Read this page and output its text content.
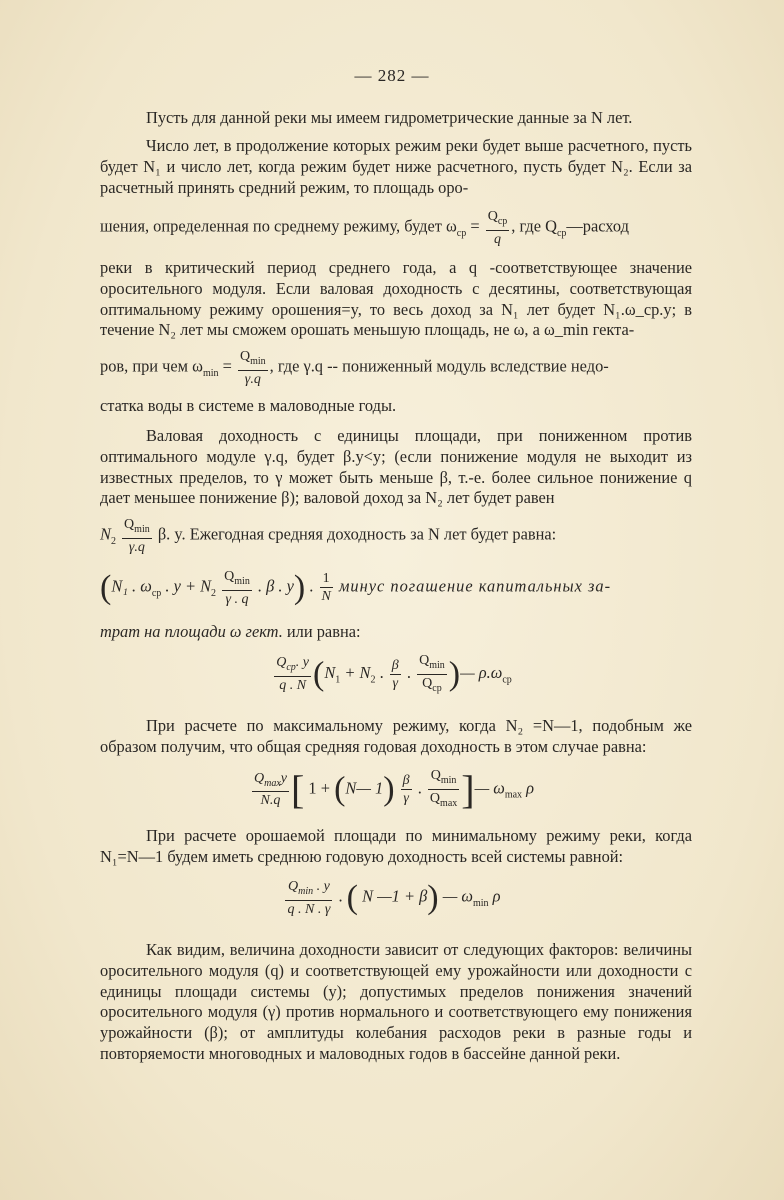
— 282 —

Пусть для данной реки мы имеем гидрометрические данные за N лет.

Число лет, в продолжение которых режим реки будет выше расчетного, пусть будет N₁ и число лет, когда режим будет ниже расчетного, пусть будет N₂. Если за расчетный принять средний режим, то площадь оро-

шения, определенная по среднему режиму, будет $\omega_{ср} = \frac{Q_{ср}}{q}$ , где $Q_{ср}—расход$

реки в критический период среднего года, а q -соответствующее значение оросительного модуля. Если валовая доходность с десятины, соответствующая оптимальному режиму орошения=y, то весь доход за N₁ лет будет N₁.ω_ср.y; в течение N₂ лет мы сможем орошать меньшую площадь, не ω, а ω_min гекта-

ров, при чем $\omega_{min} = \frac{Q_{min}}{\gamma.q}$ , где γ.q -- пониженный модуль вследствие недо-

статка воды в системе в маловодные годы.

Валовая доходность с единицы площади, при пониженном против оптимального модуле γ.q, будет β.y<y; (если понижение модуля не выходит из известных пределов, то γ может быть меньше β, т.-е. более сильное понижение q дает меньшее понижение β); валовой доход за N₂ лет будет равен

$N_2 \frac{Q_{min}}{\gamma.q} \beta$. y. Ежегодная средняя доходность за N лет будет равна:
(N₁ . $\omega_{ср}$ . $y + N_2 \frac{Q_{min}}{\gamma . q}$ . β . y) . $\frac{1}{N}$ минус погашение капитальных за-
трат на площади ω гект. или равна:
$\frac{Q_{ср}. y}{q . N} (N_1 + N_2$ . $\frac{\beta}{\gamma}$ . $\frac{Q_{min}}{Q_{ср}}$ )— $\rho.\omega_{ср}$

При расчете по максимальному режиму, когда N₂ =N—1, подобным же образом получим, что общая средняя годовая доходность в этом случае равна:

$\frac{Q_{max}y}{N.q}$ [ 1 + (N— $1) \frac{\beta}{\gamma}$ . $\frac{Q_{min}}{Q_{max}}$ ]— $\omega_{max}$ ρ

При расчете орошаемой площади по минимальному режиму реки, когда N₁=N—1 будем иметь среднюю годовую доходность всей системы равной:

$\frac{Q_{min} . y}{q . N . \gamma}$ . ( N —1 + β) — $\omega_{min}$ ρ

Как видим, величина доходности зависит от следующих факторов: величины оросительного модуля (q) и соответствующей ему урожайности или доходности с единицы площади системы (y); допустимых пределов понижения значений оросительного модуля (γ) против нормального и соответствующего ему понижения урожайности (β); от амплитуды колебания расходов реки в разные годы и повторяемости многоводных и маловодных годов в бассейне данной реки.
